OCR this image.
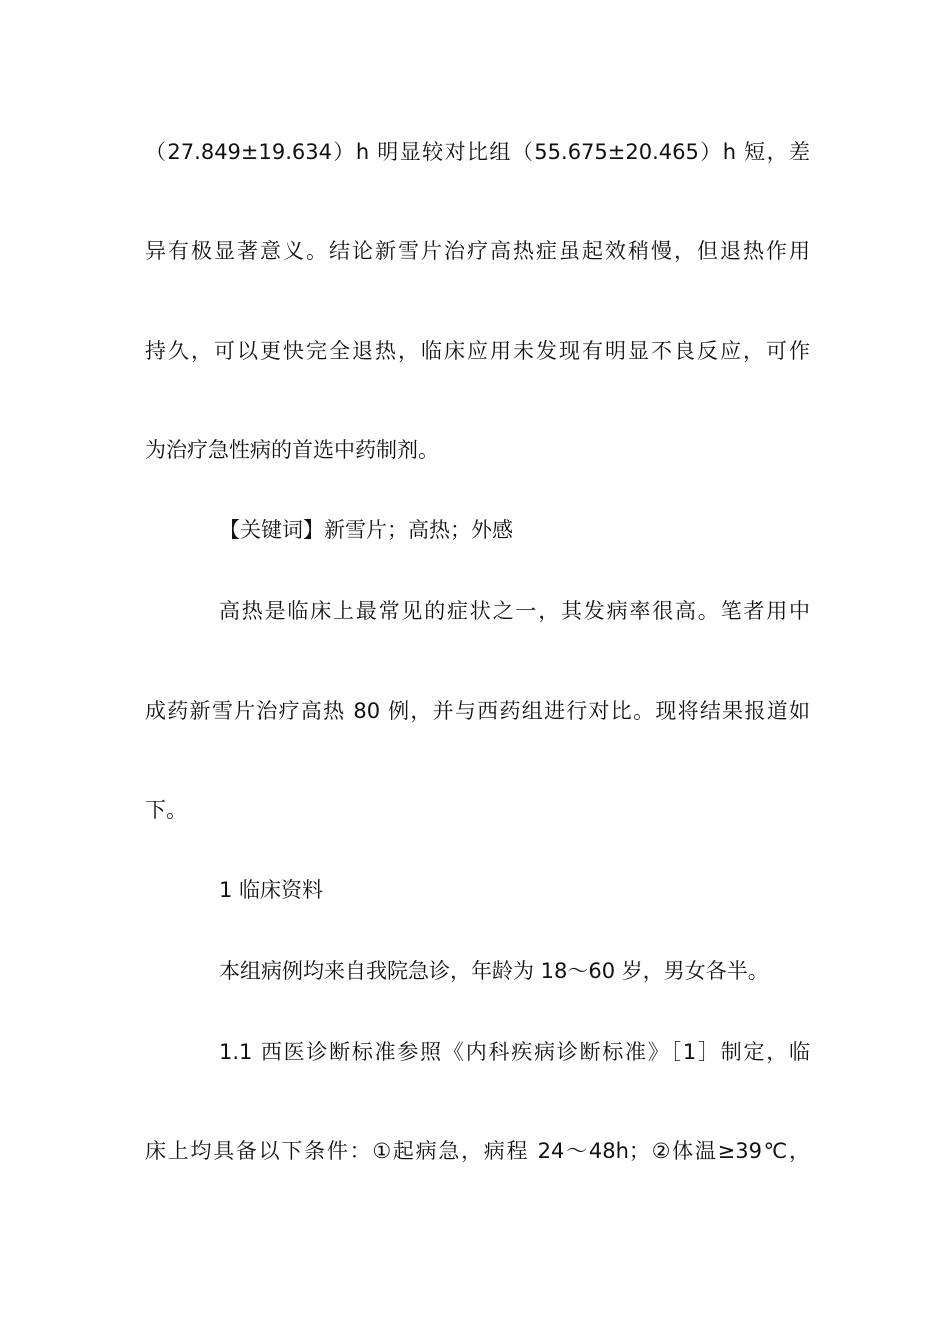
（27.849±19.634）h 明显较对比组（55.675±20.465）h 短，差
异有极显著意义。结论新雪片治疗高热症虽起效稍慢，但退热作用
持久，可以更快完全退热，临床应用未发现有明显不良反应，可作
为治疗急性病的首选中药制剂。
【关键词】新雪片；高热；外感
高热是临床上最常见的症状之一，其发病率很高。笔者用中
成药新雪片治疗高热 80 例，并与西药组进行对比。现将结果报道如
下。
1 临床资料
本组病例均来自我院急诊，年龄为 18～60 岁，男女各半。
1.1 西医诊断标准参照《内科疾病诊断标准》［1］制定，临
床上均具备以下条件：①起病急，病程 24～48h；②体温≥39℃，
